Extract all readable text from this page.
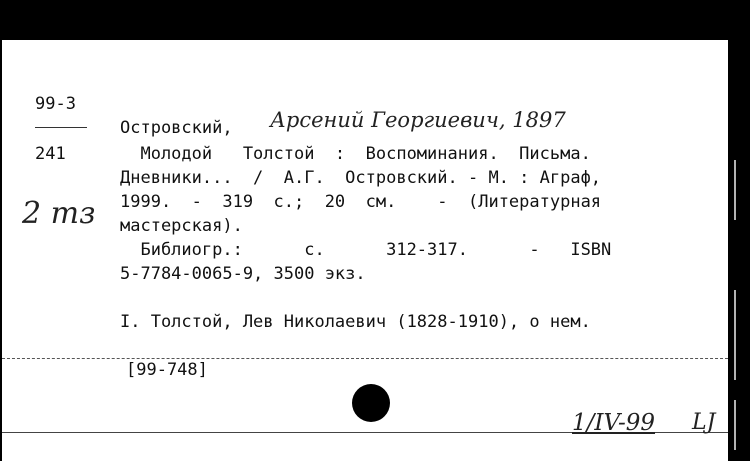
99-3
241
2 тз
Островский, Арсений Георгиевич, 1897
Молодой   Толстой  :  Воспоминания.  Письма.
Дневники...  /  А.Г.  Островский. - М. : Аграф,
1999.  -  319  с.;  20  см.    -  (Литературная
мастерская).
Библиогр.:      с.      312-317.      -   ISBN
5-7784-0065-9, 3500 экз.
I. Толстой, Лев Николаевич (1828-1910), о нем.
[99-748]
1/IV-99 LJ
